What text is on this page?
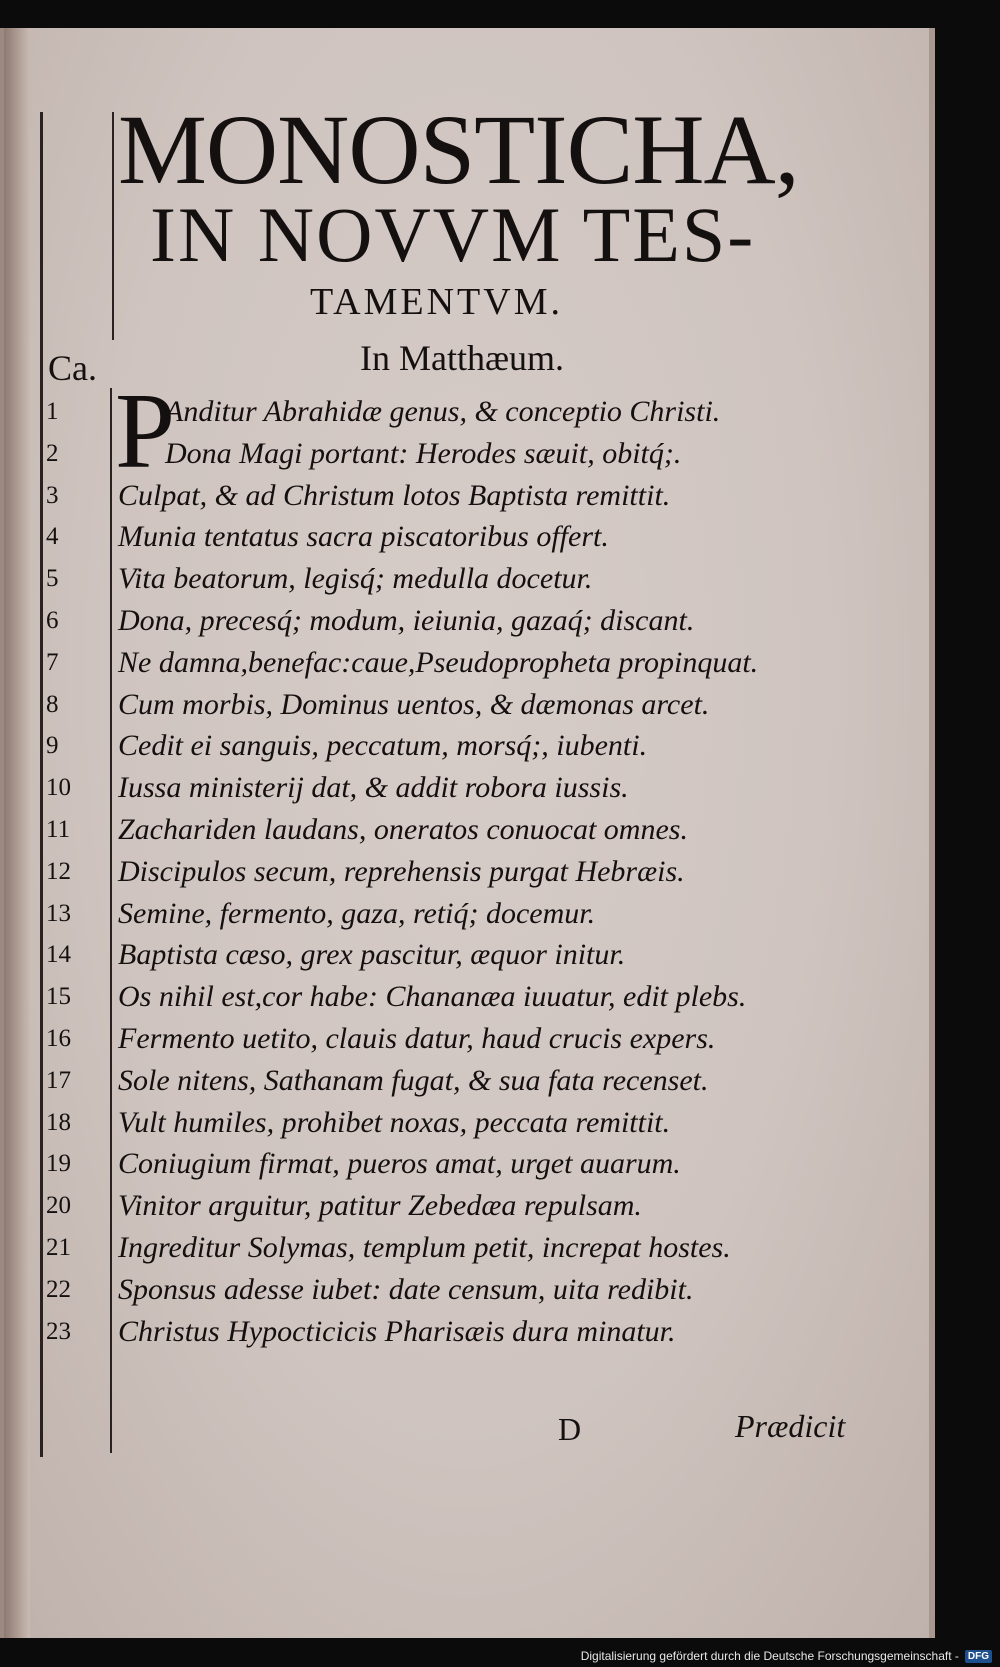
MONOSTICHA,
IN NOVVM TES-
TAMENTVM.
Ca.	In Matthæum.
P
1	Anditur Abrahidæ genus, & conceptio Christi.
2	Dona Magi portant: Herodes sæuit, obitq́;.
3	Culpat, & ad Christum lotos Baptista remittit.
4	Munia tentatus sacra piscatoribus offert.
5	Vita beatorum, legisq́; medulla docetur.
6	Dona, precesq́; modum, ieiunia, gazaq́; discant.
7	Ne damna,benefac:caue,Pseudopropheta propinquat.
8	Cum morbis, Dominus uentos, & dæmonas arcet.
9	Cedit ei sanguis, peccatum, morsq́;, iubenti.
10	Iussa ministerij dat, & addit robora iussis.
11	Zachariden laudans, oneratos conuocat omnes.
12	Discipulos secum, reprehensis purgat Hebræis.
13	Semine, fermento, gaza, retiq́; docemur.
14	Baptista cæso, grex pascitur, æquor initur.
15	Os nihil est,cor habe: Chananæa iuuatur, edit plebs.
16	Fermento uetito, clauis datur, haud crucis expers.
17	Sole nitens, Sathanam fugat, & sua fata recenset.
18	Vult humiles, prohibet noxas, peccata remittit.
19	Coniugium firmat, pueros amat, urget auarum.
20	Vinitor arguitur, patitur Zebedæa repulsam.
21	Ingreditur Solymas, templum petit, increpat hostes.
22	Sponsus adesse iubet: date censum, uita redibit.
23	Christus Hypocticicis Pharisæis dura minatur.
D	Prædicit
Digitalisierung gefördert durch die Deutsche Forschungsgemeinschaft - DFG
